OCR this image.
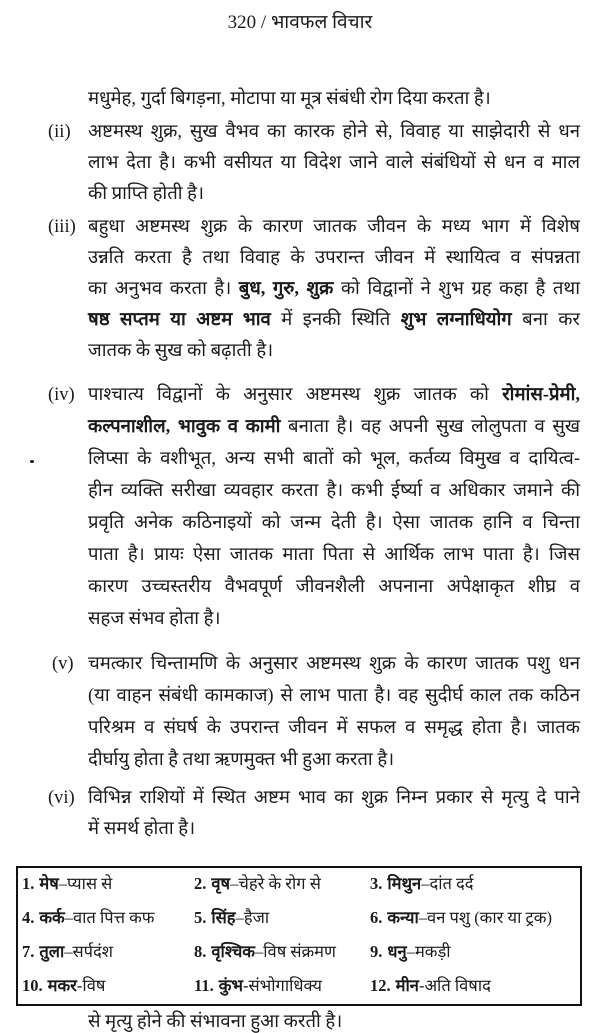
320 / भावफल विचार
मधुमेह, गुर्दा बिगड़ना, मोटापा या मूत्र संबंधी रोग दिया करता है।
(ii) अष्टमस्थ शुक्र, सुख वैभव का कारक होने से, विवाह या साझेदारी से धन
लाभ देता है। कभी वसीयत या विदेश जाने वाले संबंधियों से धन व माल
की प्राप्ति होती है।
(iii) बहुधा अष्टमस्थ शुक्र के कारण जातक जीवन के मध्य भाग में विशेष
उन्नति करता है तथा विवाह के उपरान्त जीवन में स्थायित्व व संपन्नता
का अनुभव करता है। बुध, गुरु, शुक्र को विद्वानों ने शुभ ग्रह कहा है तथा
षष्ठ सप्तम या अष्टम भाव में इनकी स्थिति शुभ लग्नाधियोग बना कर
जातक के सुख को बढ़ाती है।
(iv) पाश्चात्य विद्वानों के अनुसार अष्टमस्थ शुक्र जातक को रोमांस-प्रेमी,
कल्पनाशील, भावुक व कामी बनाता है। वह अपनी सुख लोलुपता व सुख
लिप्सा के वशीभूत, अन्य सभी बातों को भूल, कर्तव्य विमुख व दायित्व-
हीन व्यक्ति सरीखा व्यवहार करता है। कभी ईर्ष्या व अधिकार जमाने की
प्रवृति अनेक कठिनाइयों को जन्म देती है। ऐसा जातक हानि व चिन्ता
पाता है। प्रायः ऐसा जातक माता पिता से आर्थिक लाभ पाता है। जिस
कारण उच्चस्तरीय वैभवपूर्ण जीवनशैली अपनाना अपेक्षाकृत शीघ्र व
सहज संभव होता है।
(v) चमत्कार चिन्तामणि के अनुसार अष्टमस्थ शुक्र के कारण जातक पशु धन
(या वाहन संबंधी कामकाज) से लाभ पाता है। वह सुदीर्घ काल तक कठिन
परिश्रम व संघर्ष के उपरान्त जीवन में सफल व समृद्ध होता है। जातक
दीर्घायु होता है तथा ऋणमुक्त भी हुआ करता है।
(vi) विभिन्न राशियों में स्थित अष्टम भाव का शुक्र निम्न प्रकार से मृत्यु दे पाने
में समर्थ होता है।
1. मेष–प्यास से	2. वृष–चेहरे के रोग से	3. मिथुन–दांत दर्द
4. कर्क–वात पित्त कफ 5. सिंह–हैजा	6. कन्या–वन पशु (कार या ट्रक)
7. तुला–सर्पदंश	8. वृश्चिक–विष संक्रमण 9. धनु–मकड़ी
10. मकर-विष	11. कुंभ-संभोगाधिक्य	12. मीन-अति विषाद
से मृत्यु होने की संभावना हुआ करती है।
